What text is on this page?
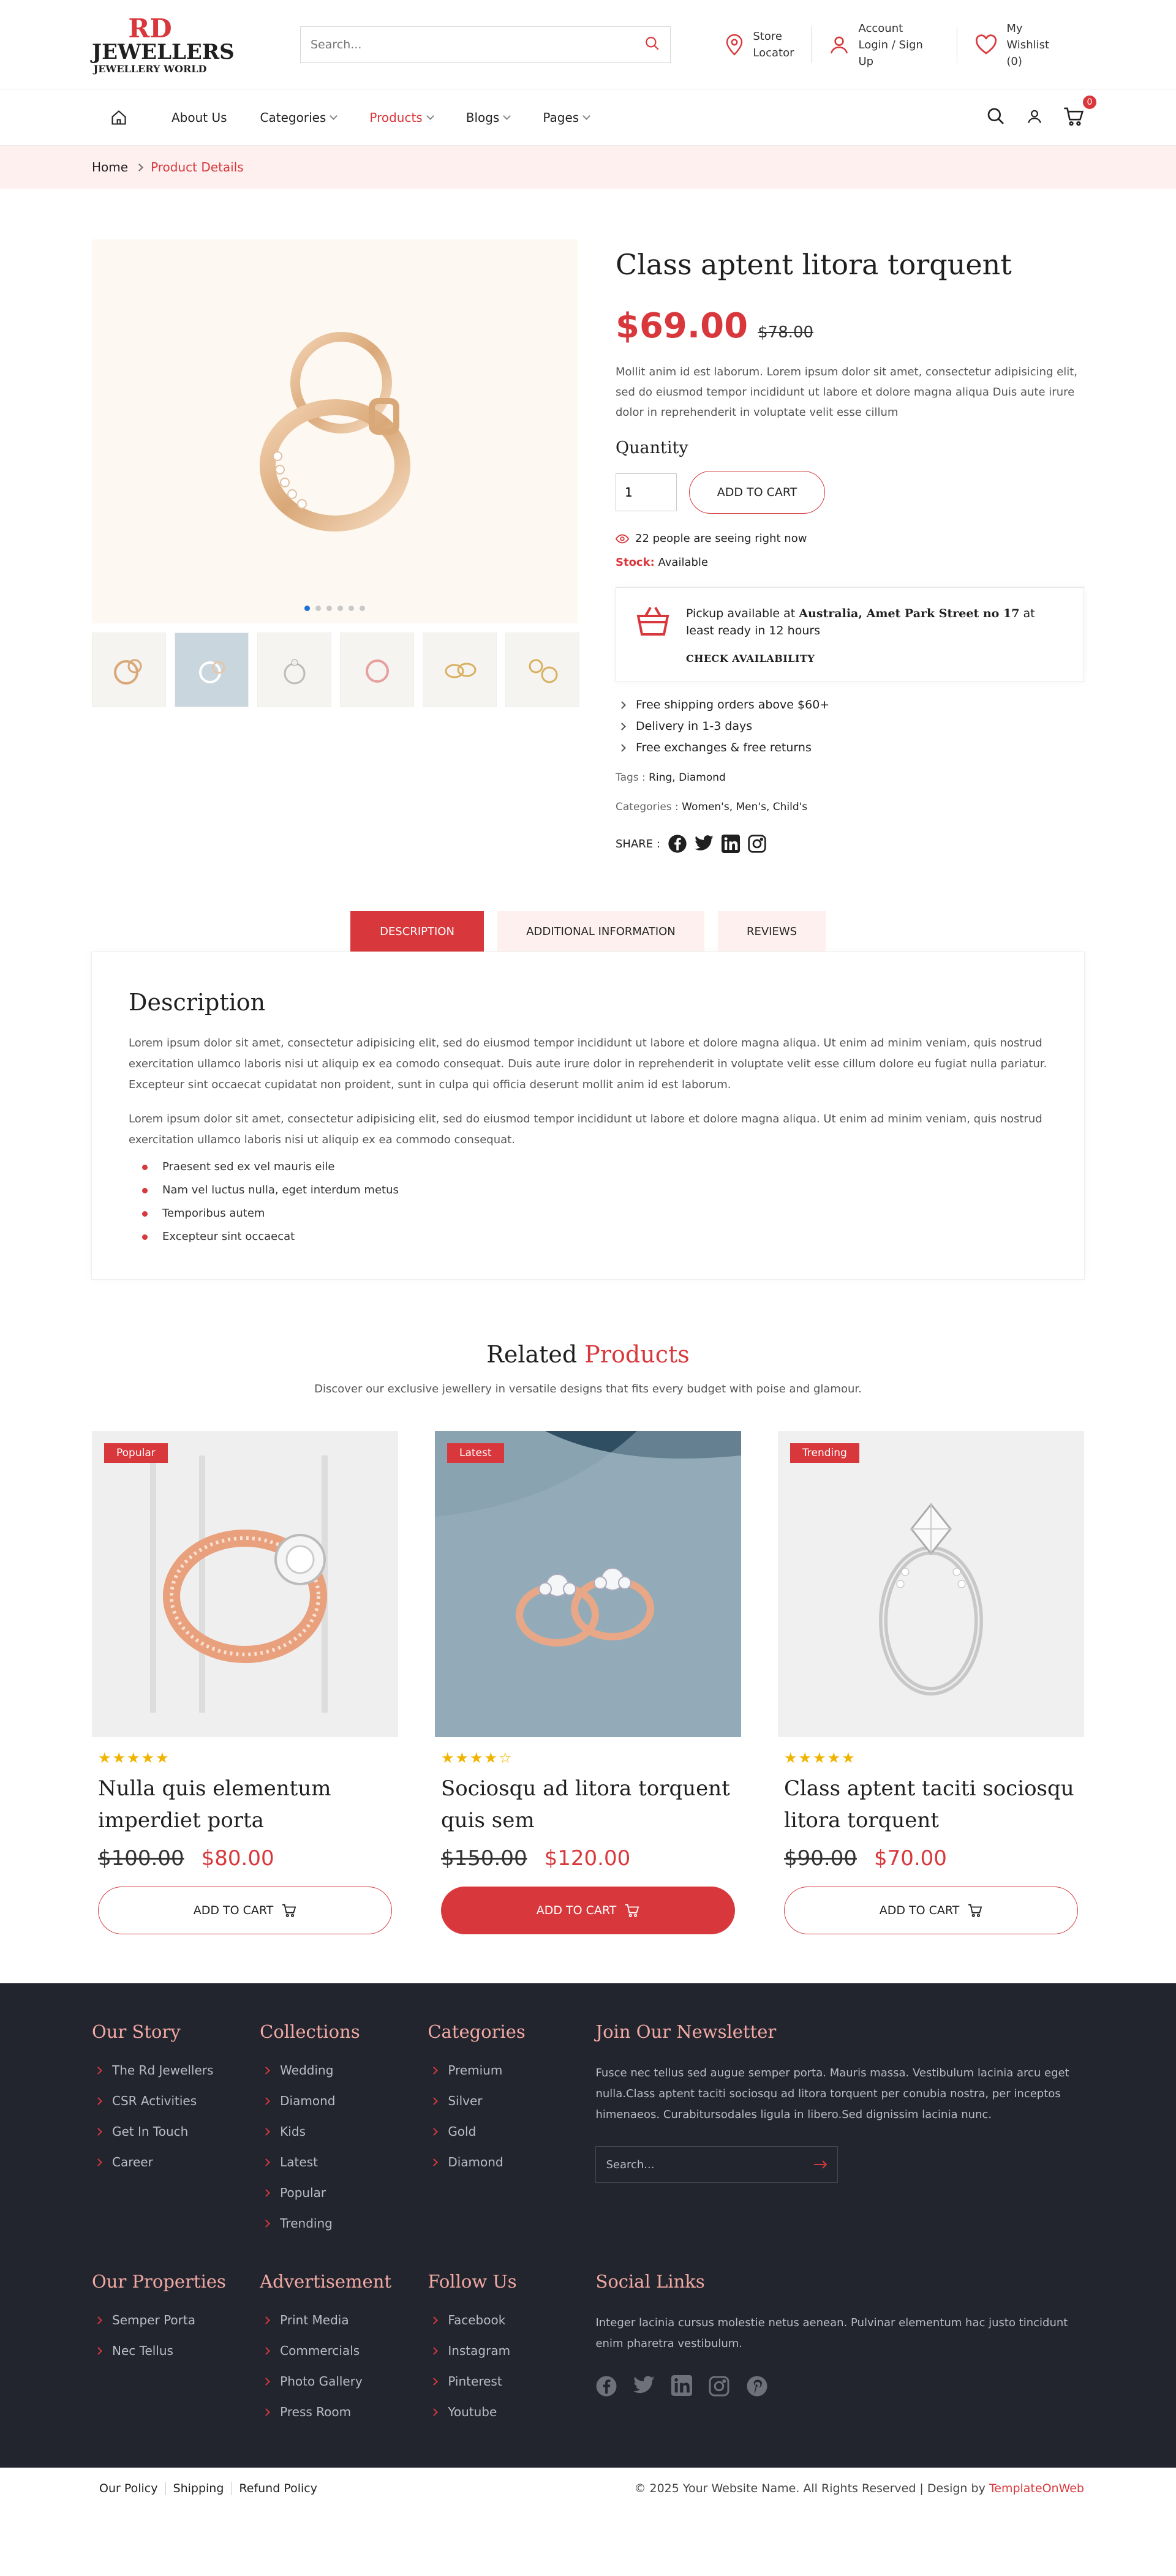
RD
JEWELLERS
JEWELLERY WORLD
Search...
Store
Locator
Account
Login / Sign Up
My
Wishlist (0)
About Us	Categories	Products	Blogs	Pages
0
Home Product Details
Class aptent litora torquent
$69.00 $78.00

Mollit anim id est laborum. Lorem ipsum dolor sit amet, consectetur adipisicing elit, sed do eiusmod tempor incididunt ut labore et dolore magna aliqua Duis aute irure dolor in reprehenderit in voluptate velit esse cillum

Quantity
1
ADD TO CART
22 people are seeing right now
Stock: Available
Pickup available at Australia, Amet Park Street no 17 at least ready in 12 hours
CHECK AVAILABILITY
Free shipping orders above $60+
Delivery in 1-3 days
Free exchanges & free returns
Tags : Ring, Diamond
Categories : Women's, Men's, Child's
SHARE :
DESCRIPTION	ADDITIONAL INFORMATION	REVIEWS
Description

Lorem ipsum dolor sit amet, consectetur adipisicing elit, sed do eiusmod tempor incididunt ut labore et dolore magna aliqua. Ut enim ad minim veniam, quis nostrud exercitation ullamco laboris nisi ut aliquip ex ea comodo consequat. Duis aute irure dolor in reprehenderit in voluptate velit esse cillum dolore eu fugiat nulla pariatur. Excepteur sint occaecat cupidatat non proident, sunt in culpa qui officia deserunt mollit anim id est laborum.

Lorem ipsum dolor sit amet, consectetur adipisicing elit, sed do eiusmod tempor incididunt ut labore et dolore magna aliqua. Ut enim ad minim veniam, quis nostrud exercitation ullamco laboris nisi ut aliquip ex ea commodo consequat.

Praesent sed ex vel mauris eile
Nam vel luctus nulla, eget interdum metus
Temporibus autem
Excepteur sint occaecat
Related Products
Discover our exclusive jewellery in versatile designs that fits every budget with poise and glamour.
Popular
★★★★★
Nulla quis elementum imperdiet porta
$100.00 $80.00
ADD TO CART
Latest
★★★★☆
Sociosqu ad litora torquent quis sem
$150.00 $120.00
ADD TO CART
Trending
★★★★★
Class aptent taciti sociosqu litora torquent
$90.00 $70.00
ADD TO CART
Our Story
The Rd Jewellers
CSR Activities
Get In Touch
Career
Collections
Wedding
Diamond
Kids
Latest
Popular
Trending
Categories
Premium
Silver
Gold
Diamond
Join Our Newsletter

Fusce nec tellus sed augue semper porta. Mauris massa. Vestibulum lacinia arcu eget nulla.Class aptent taciti sociosqu ad litora torquent per conubia nostra, per inceptos himenaeos. Curabitursodales ligula in libero.Sed dignissim lacinia nunc.

Search...
Our Properties
Semper Porta
Nec Tellus
Advertisement
Print Media
Commercials
Photo Gallery
Press Room
Follow Us
Facebook
Instagram
Pinterest
Youtube
Social Links

Integer lacinia cursus molestie netus aenean. Pulvinar elementum hac justo tincidunt enim pharetra vestibulum.

Our Policy Shipping Refund Policy	© 2025 Your Website Name. All Rights Reserved | Design by TemplateOnWeb
